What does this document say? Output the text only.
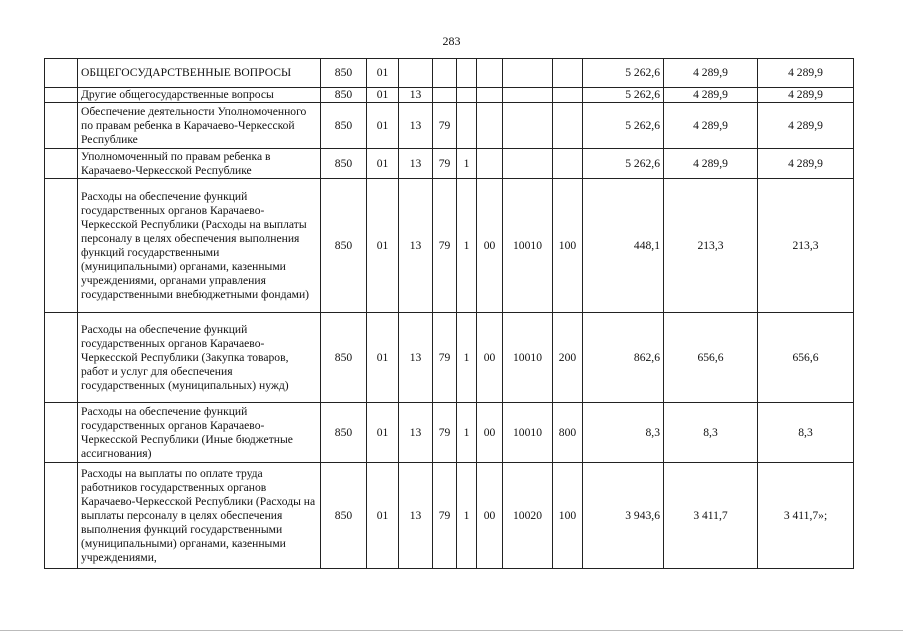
283
	ОБЩЕГОСУДАРСТВЕННЫЕ ВОПРОСЫ	850	01							5 262,6	4 289,9	4 289,9
	Другие общегосударственные вопросы	850	01	13						5 262,6	4 289,9	4 289,9
	Обеспечение деятельности Уполномоченного по правам ребенка в Карачаево-Черкесской Республике	850	01	13	79					5 262,6	4 289,9	4 289,9
	Уполномоченный по правам ребенка в Карачаево-Черкесской Республике	850	01	13	79	1				5 262,6	4 289,9	4 289,9
	Расходы на обеспечение функций государственных органов Карачаево-Черкесской Республики (Расходы на выплаты персоналу в целях обеспечения выполнения функций государственными (муниципальными) органами, казенными учреждениями, органами управления государственными внебюджетными фондами)	850	01	13	79	1	00	10010	100	448,1	213,3	213,3
	Расходы на обеспечение функций государственных органов Карачаево-Черкесской Республики (Закупка товаров, работ и услуг для обеспечения государственных (муниципальных) нужд)	850	01	13	79	1	00	10010	200	862,6	656,6	656,6
	Расходы на обеспечение функций государственных органов Карачаево-Черкесской Республики (Иные бюджетные ассигнования)	850	01	13	79	1	00	10010	800	8,3	8,3	8,3
	Расходы на выплаты по оплате труда работников государственных органов Карачаево-Черкесской Республики (Расходы на выплаты персоналу в целях обеспечения выполнения функций государственными (муниципальными) органами, казенными учреждениями,	850	01	13	79	1	00	10020	100	3 943,6	3 411,7	3 411,7»;
